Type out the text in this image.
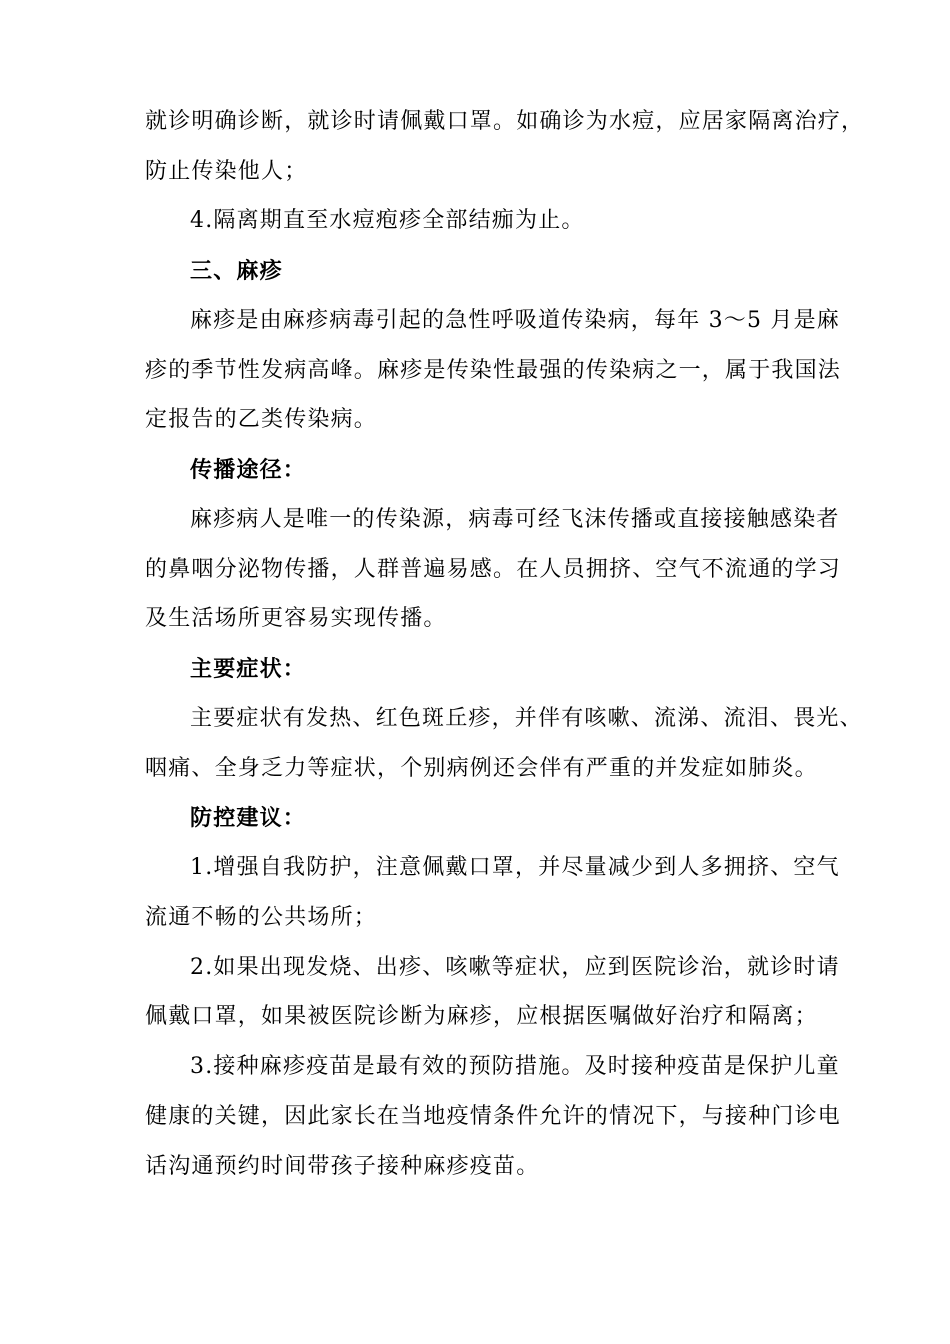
就诊明确诊断，就诊时请佩戴口罩。如确诊为水痘，应居家隔离治疗，
防止传染他人；
4.隔离期直至水痘疱疹全部结痂为止。
三、麻疹
麻疹是由麻疹病毒引起的急性呼吸道传染病，每年 3～5 月是麻
疹的季节性发病高峰。麻疹是传染性最强的传染病之一，属于我国法
定报告的乙类传染病。
传播途径：
麻疹病人是唯一的传染源，病毒可经飞沫传播或直接接触感染者
的鼻咽分泌物传播，人群普遍易感。在人员拥挤、空气不流通的学习
及生活场所更容易实现传播。
主要症状：
主要症状有发热、红色斑丘疹，并伴有咳嗽、流涕、流泪、畏光、
咽痛、全身乏力等症状，个别病例还会伴有严重的并发症如肺炎。
防控建议：
1.增强自我防护，注意佩戴口罩，并尽量减少到人多拥挤、空气
流通不畅的公共场所；
2.如果出现发烧、出疹、咳嗽等症状，应到医院诊治，就诊时请
佩戴口罩，如果被医院诊断为麻疹，应根据医嘱做好治疗和隔离；
3.接种麻疹疫苗是最有效的预防措施。及时接种疫苗是保护儿童
健康的关键，因此家长在当地疫情条件允许的情况下，与接种门诊电
话沟通预约时间带孩子接种麻疹疫苗。
